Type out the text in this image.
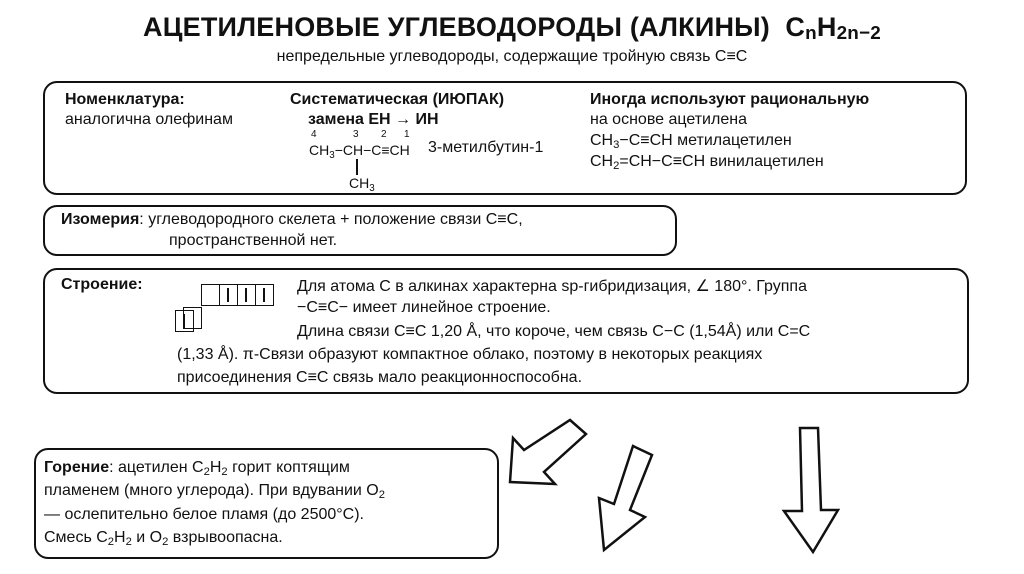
АЦЕТИЛЕНОВЫЕ УГЛЕВОДОРОДЫ (АЛКИНЫ) $C_nH_{2n-2}$
непредельные углеводороды, содержащие тройную связь C≡C
Номенклатура:
аналогична олефинам
Систематическая (ИЮПАК)
замена ЕН → ИН
4	3 2 1
$CH_3-CH-C\equiv CH$
$CH_3$
3-метилбутин-1
Иногда используют рациональную
на основе ацетилена
$CH_3-C\equiv CH$ метилацетилен
$CH_2=CH-C\equiv CH$ винилацетилен
Изомерия: углеводородного скелета + положение связи C≡C,
пространственной нет.
Строение:	Для атома C в алкинах характерна sp-гибридизация, ∠ 180°. Группа
−C≡C− имеет линейное строение.
Длина связи C≡C 1,20 Å, что короче, чем связь C−C (1,54Å) или C=C
(1,33 Å). π-Связи образуют компактное облако, поэтому в некоторых реакциях
присоединения C≡C связь мало реакционноспособна.
Горение: ацетилен $C_2H_2$ горит коптящим
пламенем (много углерода). При вдувании $O_2$
— ослепительно белое пламя (до 2500°C).
Смесь $C_2H_2$ и $O_2$ взрывоопасна.
